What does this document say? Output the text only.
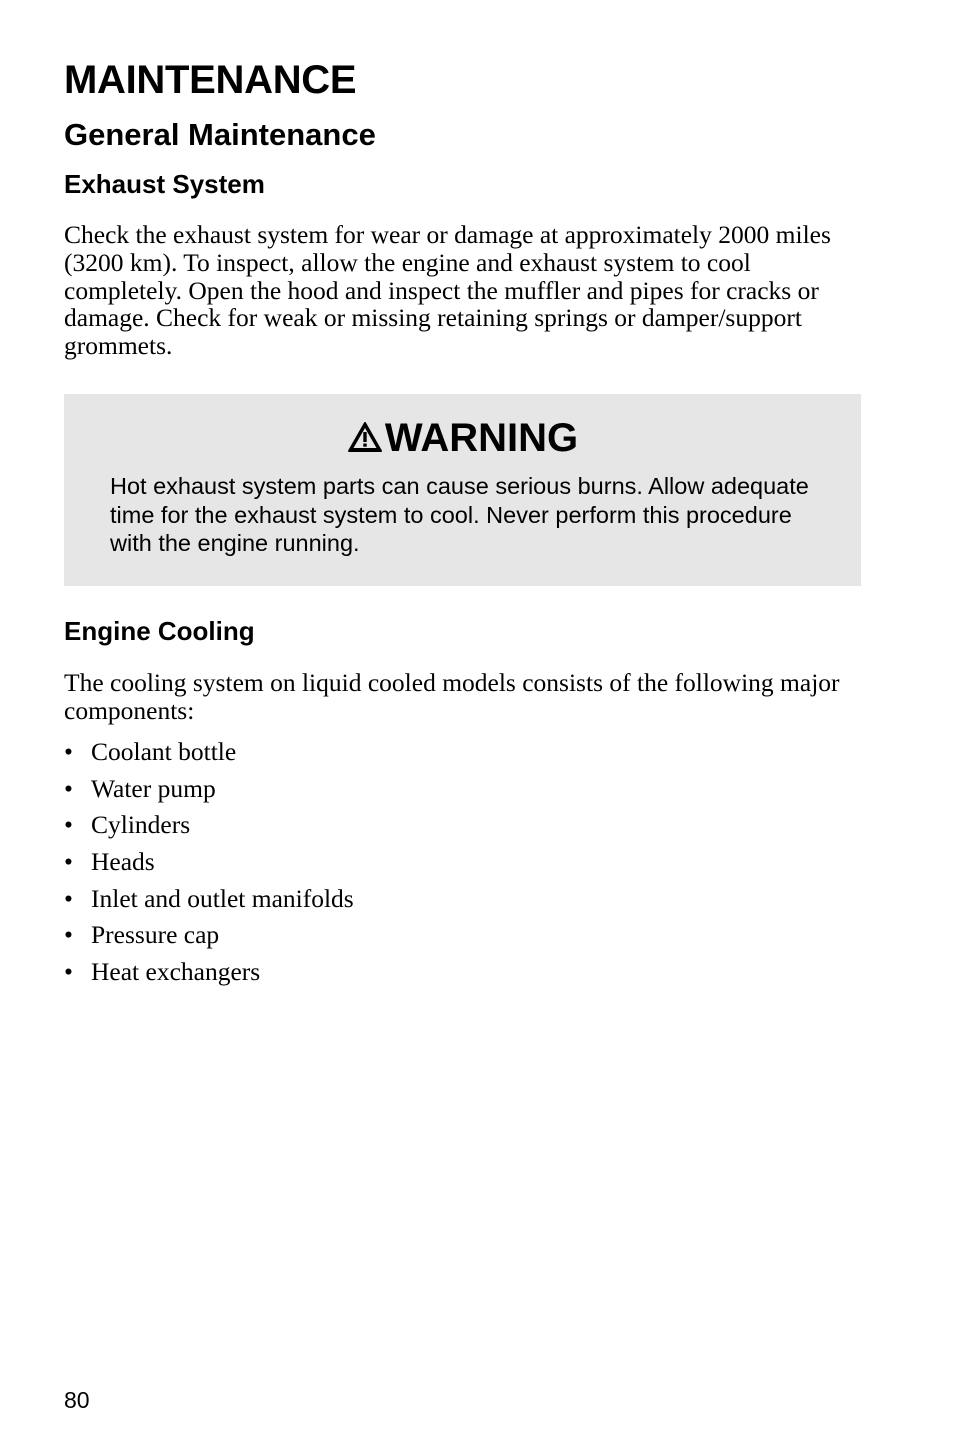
MAINTENANCE
General Maintenance
Exhaust System

Check the exhaust system for wear or damage at approximately 2000 miles (3200 km). To inspect, allow the engine and exhaust system to cool completely. Open the hood and inspect the muffler and pipes for cracks or damage. Check for weak or missing retaining springs or damper/support grommets.

WARNING

Hot exhaust system parts can cause serious burns. Allow adequate time for the exhaust system to cool. Never perform this procedure with the engine running.

Engine Cooling

The cooling system on liquid cooled models consists of the following major components:

• Coolant bottle
• Water pump
• Cylinders
• Heads
• Inlet and outlet manifolds
• Pressure cap
• Heat exchangers
80
